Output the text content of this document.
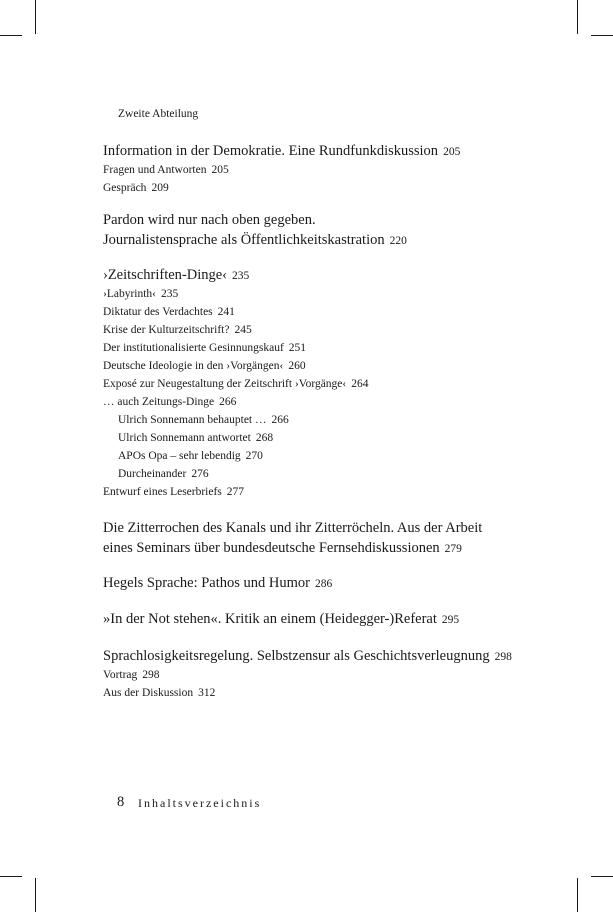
Zweite Abteilung
Information in der Demokratie. Eine Rundfunkdiskussion 205
Fragen und Antworten 205
Gespräch 209
Pardon wird nur nach oben gegeben.
Journalistensprache als Öffentlichkeitskastration 220
›Zeitschriften-Dinge‹ 235
›Labyrinth‹ 235
Diktatur des Verdachtes 241
Krise der Kulturzeitschrift? 245
Der institutionalisierte Gesinnungskauf 251
Deutsche Ideologie in den ›Vorgängen‹ 260
Exposé zur Neugestaltung der Zeitschrift ›Vorgänge‹ 264
… auch Zeitungs-Dinge 266
Ulrich Sonnemann behauptet … 266
Ulrich Sonnemann antwortet 268
APOs Opa – sehr lebendig 270
Durcheinander 276
Entwurf eines Leserbriefs 277
Die Zitterrochen des Kanals und ihr Zitterröcheln. Aus der Arbeit
eines Seminars über bundesdeutsche Fernsehdiskussionen 279
Hegels Sprache: Pathos und Humor 286
»In der Not stehen«. Kritik an einem (Heidegger-)Referat 295
Sprachlosigkeitsregelung. Selbstzensur als Geschichtsverleugnung 298
Vortrag 298
Aus der Diskussion 312
8 Inhaltsverzeichnis
